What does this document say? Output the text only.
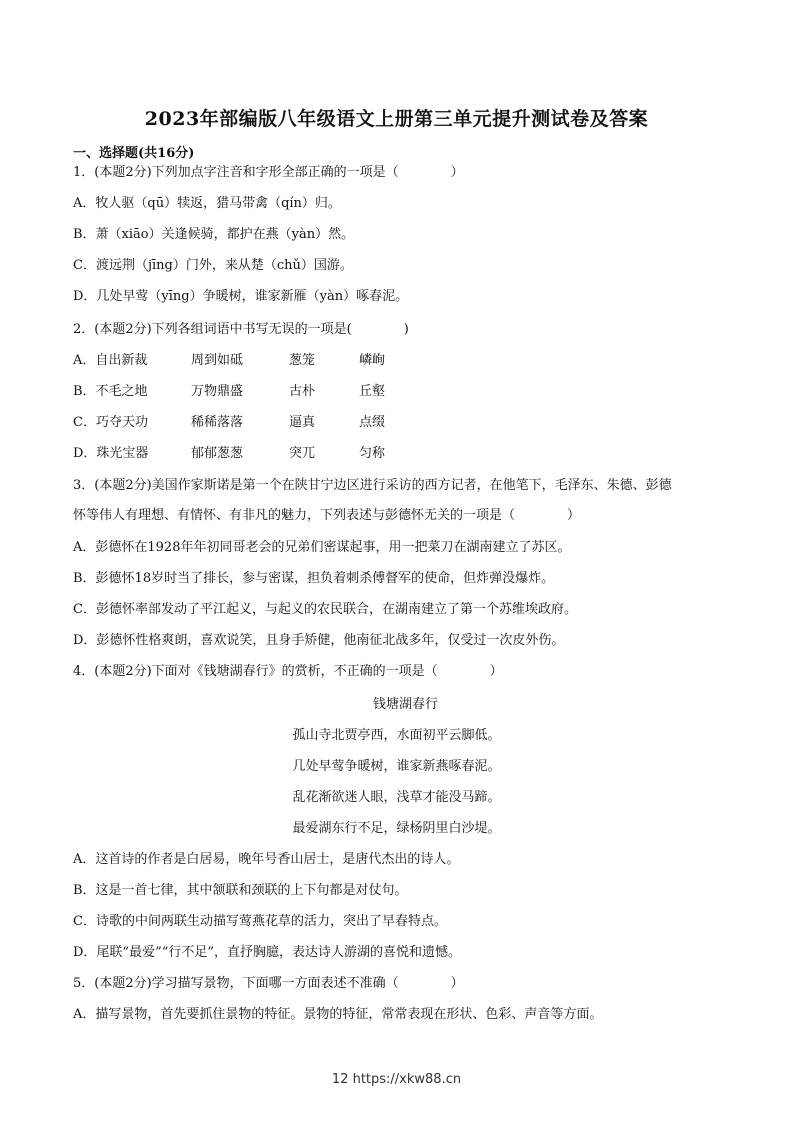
2023年部编版八年级语文上册第三单元提升测试卷及答案
一、选择题(共16分)
1．(本题2分)下列加点字注音和字形全部正确的一项是（　　　　）
A．牧人驱（qū）犊返，猎马带禽（qín）归。
B．萧（xiāo）关逢候骑，都护在燕（yàn）然。
C．渡远荆（jīng）门外，来从楚（chǔ）国游。
D．几处早莺（yīng）争暖树，谁家新雁（yàn）啄春泥。
2．(本题2分)下列各组词语中书写无误的一项是(　　　　)
A．自出新裁	周到如砥	葱笼	嶙峋
B．不毛之地	万物鼎盛	古朴	丘壑
C．巧夺天功	稀稀落落	逼真	点缀
D．珠光宝器	郁郁葱葱	突兀	匀称
3．(本题2分)美国作家斯诺是第一个在陕甘宁边区进行采访的西方记者，在他笔下，毛泽东、朱德、彭德
怀等伟人有理想、有情怀、有非凡的魅力，下列表述与彭德怀无关的一项是（　　　　）
A．彭德怀在1928年年初同哥老会的兄弟们密谋起事，用一把菜刀在湖南建立了苏区。
B．彭德怀18岁时当了排长，参与密谋，担负着刺杀傅督军的使命，但炸弹没爆炸。
C．彭德怀率部发动了平江起义，与起义的农民联合，在湖南建立了第一个苏维埃政府。
D．彭德怀性格爽朗，喜欢说笑，且身手矫健，他南征北战多年，仅受过一次皮外伤。
4．(本题2分)下面对《钱塘湖春行》的赏析，不正确的一项是（　　　　）
钱塘湖春行
孤山寺北贾亭西，水面初平云脚低。
几处早莺争暖树，谁家新燕啄春泥。
乱花渐欲迷人眼，浅草才能没马蹄。
最爱湖东行不足，绿杨阴里白沙堤。
A．这首诗的作者是白居易，晚年号香山居士，是唐代杰出的诗人。
B．这是一首七律，其中颔联和颈联的上下句都是对仗句。
C．诗歌的中间两联生动描写莺燕花草的活力，突出了早春特点。
D．尾联“最爱”“行不足”，直抒胸臆，表达诗人游湖的喜悦和遗憾。
5．(本题2分)学习描写景物，下面哪一方面表述不准确（　　　　）
A．描写景物，首先要抓住景物的特征。景物的特征，常常表现在形状、色彩、声音等方面。
12 https://xkw88.cn
